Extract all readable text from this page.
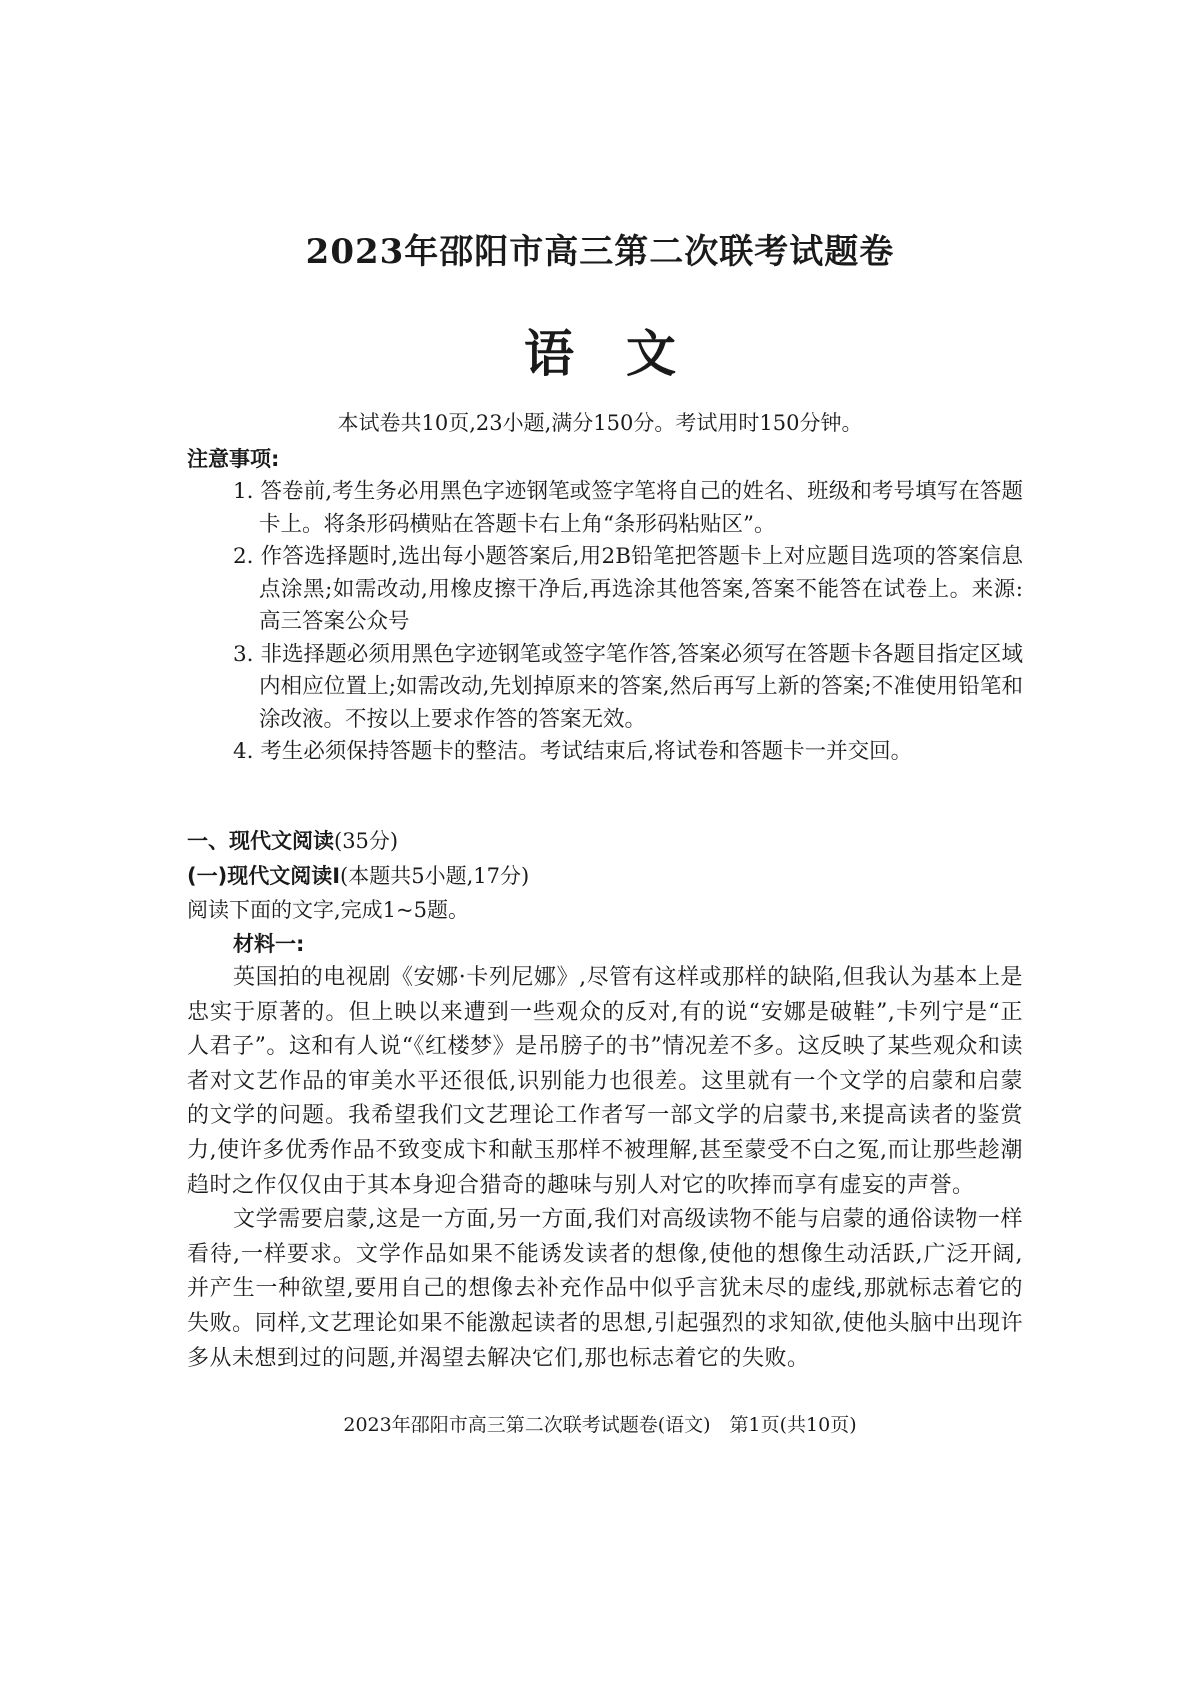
2023年邵阳市高三第二次联考试题卷
语文
本试卷共10页,23小题,满分150分。考试用时150分钟。
注意事项:
1. 答卷前,考生务必用黑色字迹钢笔或签字笔将自己的姓名、班级和考号填写在答题卡上。将条形码横贴在答题卡右上角“条形码粘贴区”。
2. 作答选择题时,选出每小题答案后,用2B铅笔把答题卡上对应题目选项的答案信息点涂黑;如需改动,用橡皮擦干净后,再选涂其他答案,答案不能答在试卷上。来源: 高三答案公众号
3. 非选择题必须用黑色字迹钢笔或签字笔作答,答案必须写在答题卡各题目指定区域内相应位置上;如需改动,先划掉原来的答案,然后再写上新的答案;不准使用铅笔和涂改液。不按以上要求作答的答案无效。
4. 考生必须保持答题卡的整洁。考试结束后,将试卷和答题卡一并交回。
一、现代文阅读(35分)
(一)现代文阅读Ⅰ(本题共5小题,17分)
阅读下面的文字,完成1~5题。
材料一:

英国拍的电视剧《安娜·卡列尼娜》,尽管有这样或那样的缺陷,但我认为基本上是忠实于原著的。但上映以来遭到一些观众的反对,有的说“安娜是破鞋”,卡列宁是“正人君子”。这和有人说“《红楼梦》是吊膀子的书”情况差不多。这反映了某些观众和读者对文艺作品的审美水平还很低,识别能力也很差。这里就有一个文学的启蒙和启蒙的文学的问题。我希望我们文艺理论工作者写一部文学的启蒙书,来提高读者的鉴赏力,使许多优秀作品不致变成卞和献玉那样不被理解,甚至蒙受不白之冤,而让那些趁潮趋时之作仅仅由于其本身迎合猎奇的趣味与别人对它的吹捧而享有虚妄的声誉。

文学需要启蒙,这是一方面,另一方面,我们对高级读物不能与启蒙的通俗读物一样看待,一样要求。文学作品如果不能诱发读者的想像,使他的想像生动活跃,广泛开阔,并产生一种欲望,要用自己的想像去补充作品中似乎言犹未尽的虚线,那就标志着它的失败。同样,文艺理论如果不能激起读者的思想,引起强烈的求知欲,使他头脑中出现许多从未想到过的问题,并渴望去解决它们,那也标志着它的失败。

2023年邵阳市高三第二次联考试题卷(语文)　第1页(共10页)
